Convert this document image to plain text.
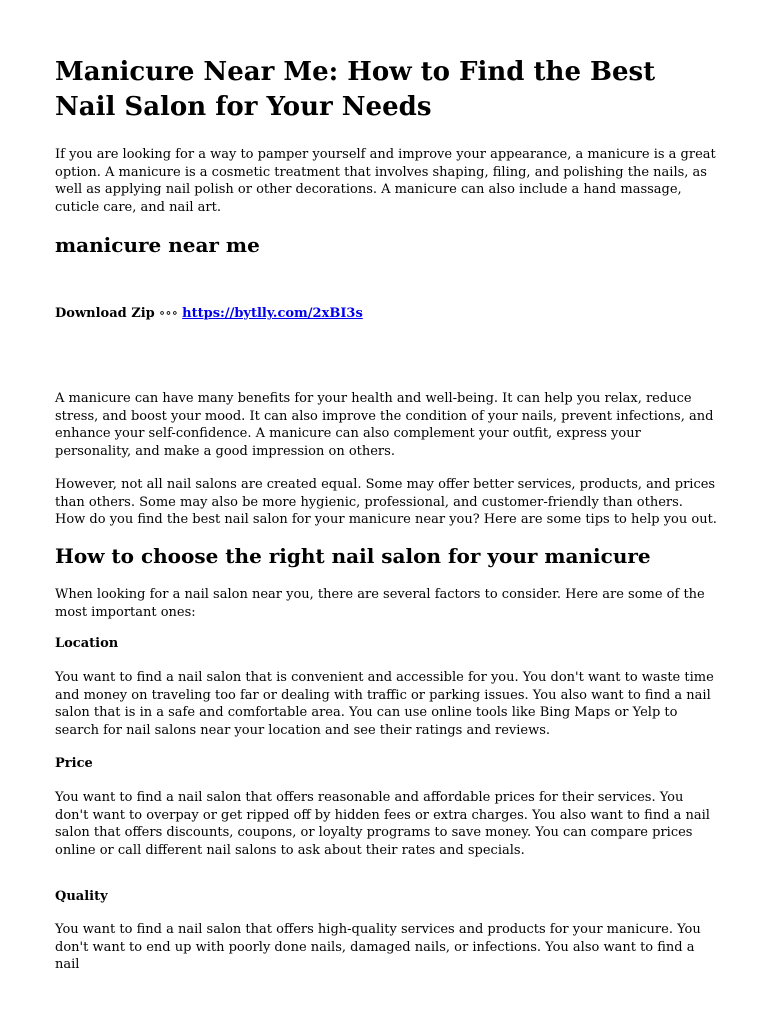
Manicure Near Me: How to Find the Best Nail Salon for Your Needs

If you are looking for a way to pamper yourself and improve your appearance, a manicure is a great option. A manicure is a cosmetic treatment that involves shaping, filing, and polishing the nails, as well as applying nail polish or other decorations. A manicure can also include a hand massage, cuticle care, and nail art.

manicure near me
Download Zip ∘∘∘ https://bytlly.com/2xBI3s

A manicure can have many benefits for your health and well-being. It can help you relax, reduce stress, and boost your mood. It can also improve the condition of your nails, prevent infections, and enhance your self-confidence. A manicure can also complement your outfit, express your personality, and make a good impression on others.

However, not all nail salons are created equal. Some may offer better services, products, and prices than others. Some may also be more hygienic, professional, and customer-friendly than others. How do you find the best nail salon for your manicure near you? Here are some tips to help you out.

How to choose the right nail salon for your manicure

When looking for a nail salon near you, there are several factors to consider. Here are some of the most important ones:

Location

You want to find a nail salon that is convenient and accessible for you. You don't want to waste time and money on traveling too far or dealing with traffic or parking issues. You also want to find a nail salon that is in a safe and comfortable area. You can use online tools like Bing Maps or Yelp to search for nail salons near your location and see their ratings and reviews.

Price

You want to find a nail salon that offers reasonable and affordable prices for their services. You don't want to overpay or get ripped off by hidden fees or extra charges. You also want to find a nail salon that offers discounts, coupons, or loyalty programs to save money. You can compare prices online or call different nail salons to ask about their rates and specials.

Quality

You want to find a nail salon that offers high-quality services and products for your manicure. You don't want to end up with poorly done nails, damaged nails, or infections. You also want to find a nail
